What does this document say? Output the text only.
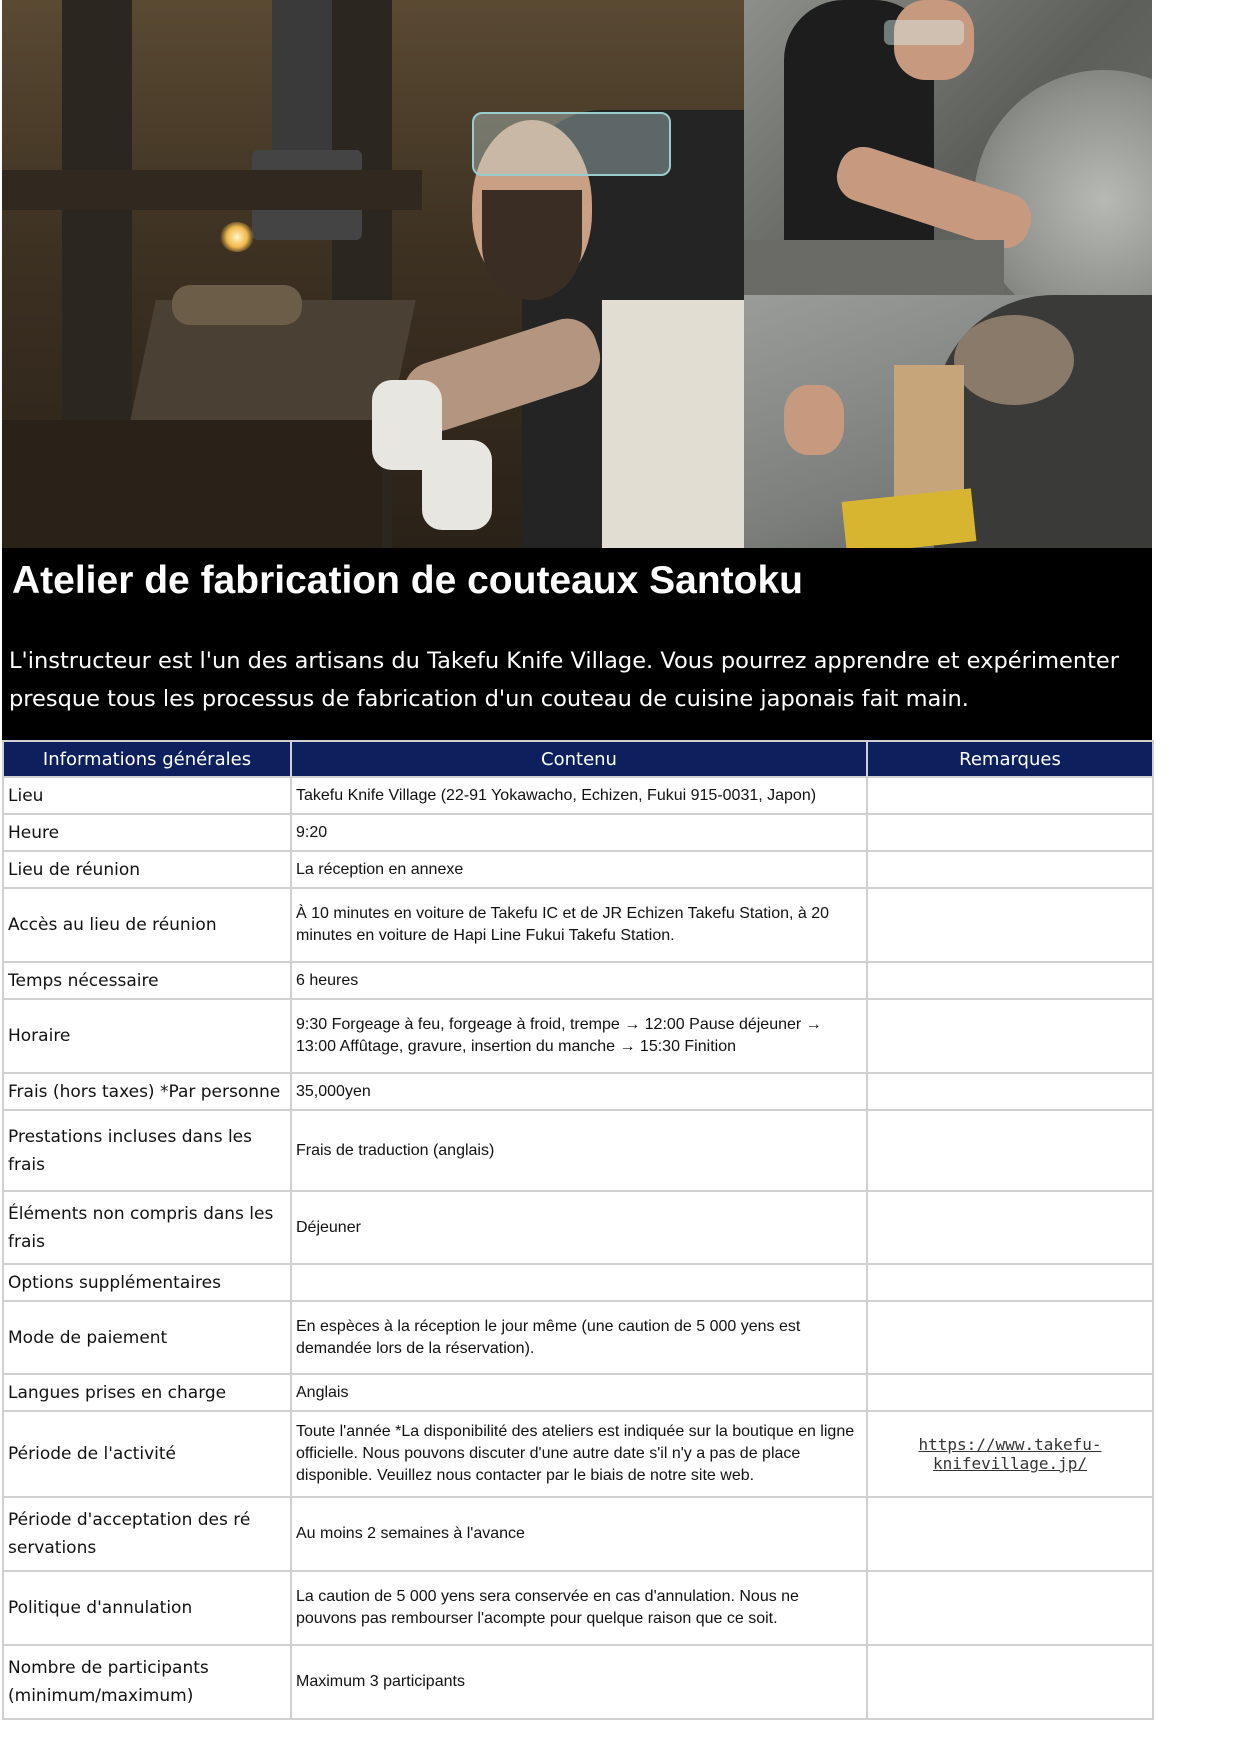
Atelier de fabrication de couteaux Santoku

L'instructeur est l'un des artisans du Takefu Knife Village. Vous pourrez apprendre et expérimenter presque tous les processus de fabrication d'un couteau de cuisine japonais fait main.

Informations générales	Contenu	Remarques
Lieu	Takefu Knife Village (22-91 Yokawacho, Echizen, Fukui 915-0031, Japon)	
Heure	9:20	
Lieu de réunion	La réception en annexe	
Accès au lieu de réunion	À 10 minutes en voiture de Takefu IC et de JR Echizen Takefu Station, à 20 minutes en voiture de Hapi Line Fukui Takefu Station.	
Temps nécessaire	6 heures	
Horaire	9:30 Forgeage à feu, forgeage à froid, trempe → 12:00 Pause déjeuner → 13:00 Affûtage, gravure, insertion du manche → 15:30 Finition	
Frais (hors taxes) *Par personne	35,000yen	
Prestations incluses dans les frais	Frais de traduction (anglais)	
Éléments non compris dans les frais	Déjeuner	
Options supplémentaires		
Mode de paiement	En espèces à la réception le jour même (une caution de 5 000 yens est demandée lors de la réservation).	
Langues prises en charge	Anglais	
Période de l'activité	Toute l'année *La disponibilité des ateliers est indiquée sur la boutique en ligne officielle. Nous pouvons discuter d'une autre date s'il n'y a pas de place disponible. Veuillez nous contacter par le biais de notre site web.	https://www.takefu-knifevillage.jp/
Période d'acceptation des ré servations	Au moins 2 semaines à l'avance	
Politique d'annulation	La caution de 5 000 yens sera conservée en cas d'annulation. Nous ne pouvons pas rembourser l'acompte pour quelque raison que ce soit.	
Nombre de participants (minimum/maximum)	Maximum 3 participants	
